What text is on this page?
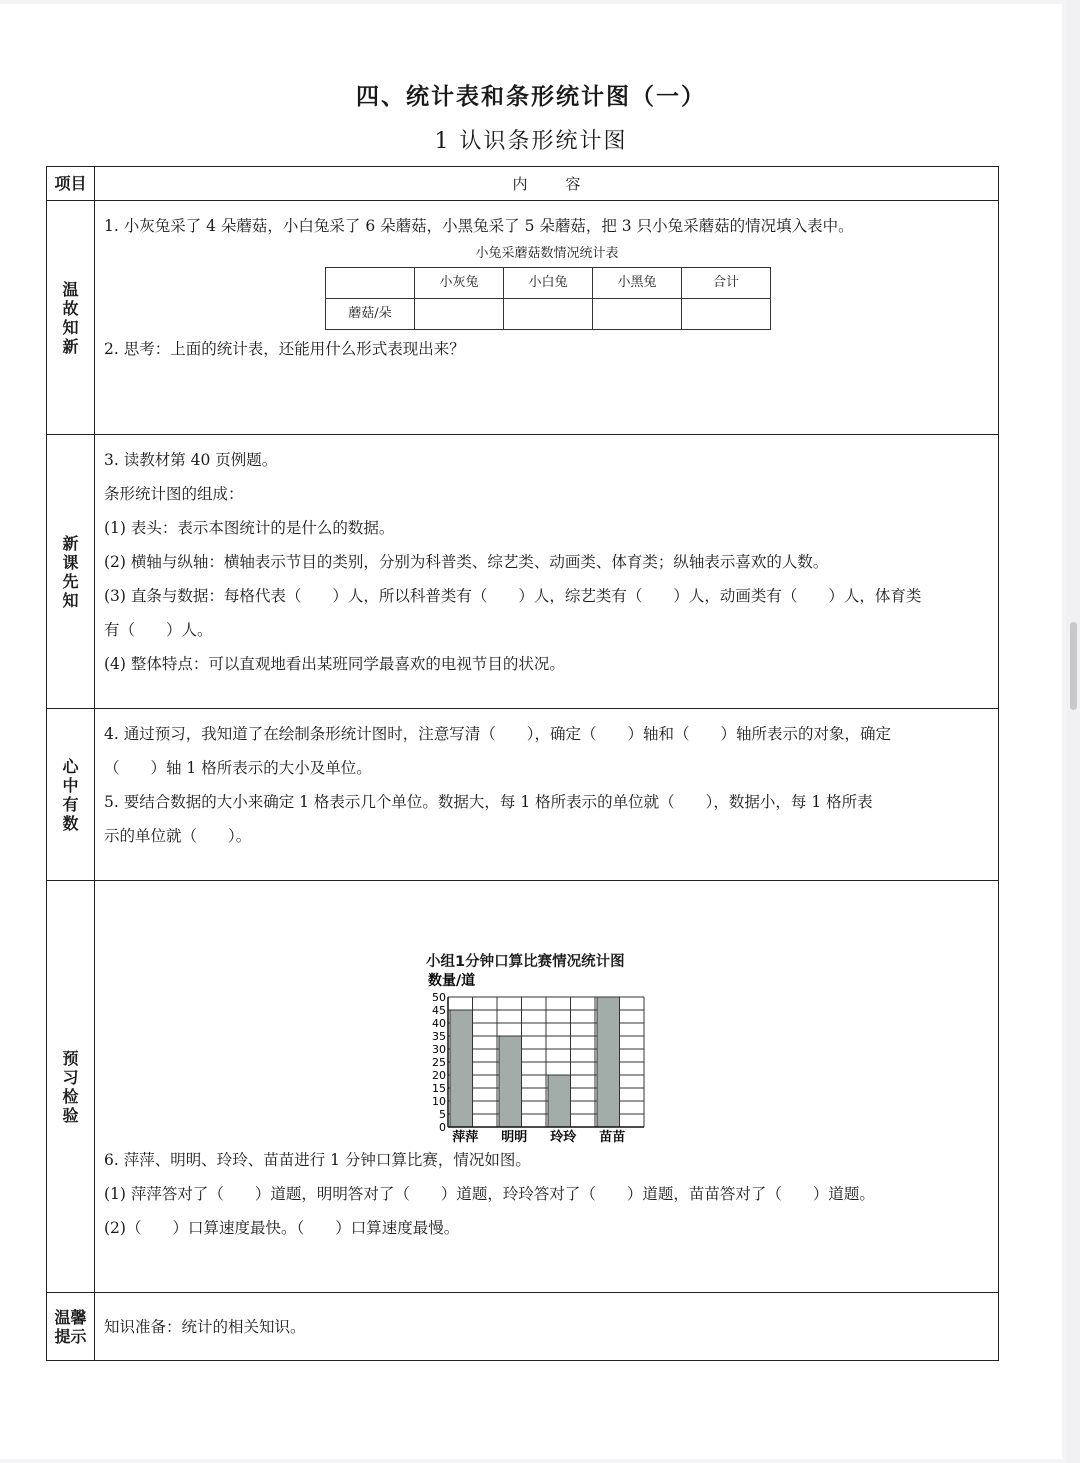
四、统计表和条形统计图（一）
1 认识条形统计图
项目	内容
温故知新	
1. 小灰兔采了 4 朵蘑菇，小白兔采了 6 朵蘑菇，小黑兔采了 5 朵蘑菇，把 3 只小兔采蘑菇的情况填入表中。
小兔采蘑菇数情况统计表
	小灰兔	小白兔	小黑兔	合计
蘑菇/朵				
2. 思考：上面的统计表，还能用什么形式表现出来？

新课先知	
3. 读教材第 40 页例题。
条形统计图的组成：
(1) 表头：表示本图统计的是什么的数据。
(2) 横轴与纵轴：横轴表示节目的类别，分别为科普类、综艺类、动画类、体育类；纵轴表示喜欢的人数。
(3) 直条与数据：每格代表（　　）人，所以科普类有（　　）人，综艺类有（　　）人，动画类有（　　）人，体育类
有（　　）人。
(4) 整体特点：可以直观地看出某班同学最喜欢的电视节目的状况。

心中有数	
4. 通过预习，我知道了在绘制条形统计图时，注意写清（　　），确定（　　）轴和（　　）轴所表示的对象，确定
（　　）轴 1 格所表示的大小及单位。
5. 要结合数据的大小来确定 1 格表示几个单位。数据大，每 1 格所表示的单位就（　　），数据小，每 1 格所表
示的单位就（　　）。

预习检验	
小组1分钟口算比赛情况统计图
数量/道
0
5
10
15
20
25
30
35
40
45
50
萍萍 明明 玲玲 苗苗
6. 萍萍、明明、玲玲、苗苗进行 1 分钟口算比赛，情况如图。
(1) 萍萍答对了（　　）道题，明明答对了（　　）道题，玲玲答对了（　　）道题，苗苗答对了（　　）道题。
(2)（　　）口算速度最快。（　　）口算速度最慢。

温馨
提示	知识准备：统计的相关知识。
